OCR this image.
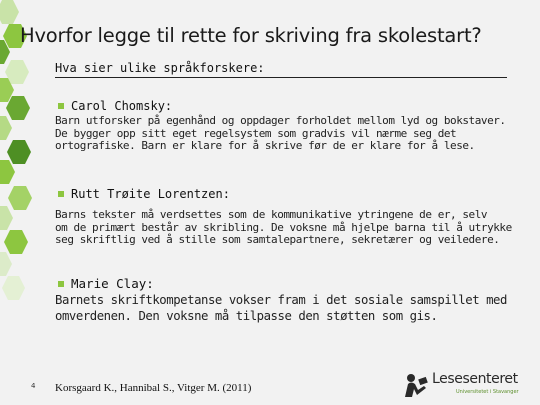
Hvorfor legge til rette for skriving fra skolestart?
Hva sier ulike språkforskere:
Carol Chomsky:
Barn utforsker på egenhånd og oppdager forholdet mellom lyd og bokstaver.
De bygger opp sitt eget regelsystem som gradvis vil nærme seg det
ortografiske. Barn er klare for å skrive før de er klare for å lese.
Rutt Trøite Lorentzen:
Barns tekster må verdsettes som de kommunikative ytringene de er, selv
om de primært består av skribling. De voksne må hjelpe barna til å utrykke
seg skriftlig ved å stille som samtalepartnere, sekretærer og veiledere.
Marie Clay:
Barnets skriftkompetanse vokser fram i det sosiale samspillet med
omverdenen. Den voksne må tilpasse den støtten som gis.
4 Korsgaard K., Hannibal S., Vitger M. (2011)
Lesesenteret
Universitetet i Stavanger
